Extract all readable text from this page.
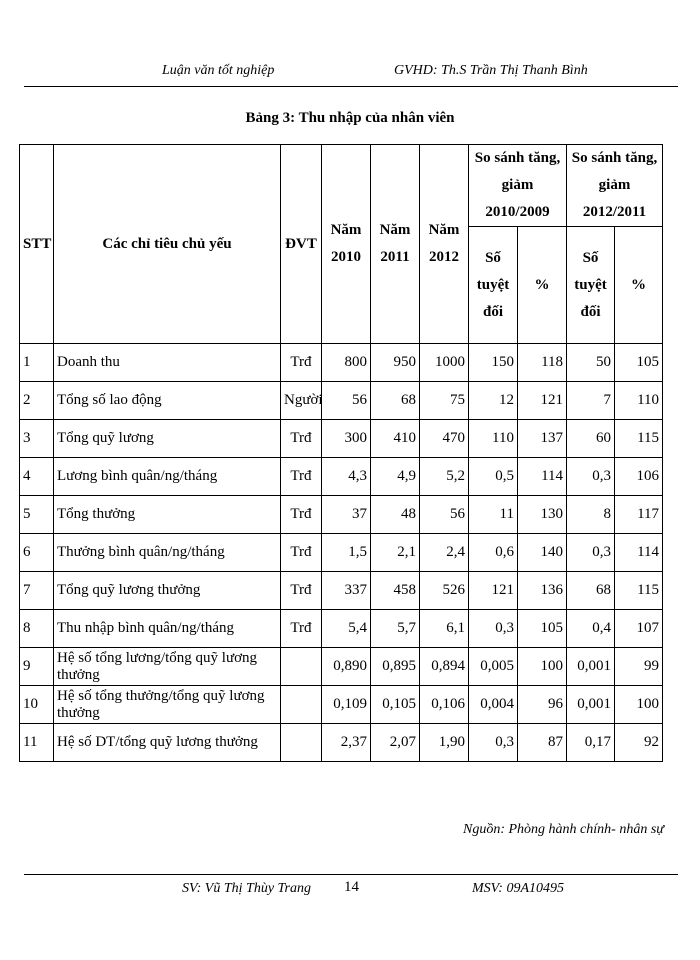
Luận văn tốt nghiệp	GVHD: Th.S Trần Thị Thanh Bình
Bảng 3: Thu nhập của nhân viên
STT	Các chỉ tiêu chủ yếu	ĐVT	Năm 2010	Năm 2011	Năm 2012	So sánh tăng, giảm 2010/2009		So sánh tăng, giảm 2012/2011	
						Số tuyệt đối	%	Số tuyệt đối	%
1	Doanh thu	Trđ	800	950	1000	150	118	50	105
2	Tổng số lao động	Người	56	68	75	12	121	7	110
3	Tổng quỹ lương	Trđ	300	410	470	110	137	60	115
4	Lương bình quân/ng/tháng	Trđ	4,3	4,9	5,2	0,5	114	0,3	106
5	Tổng thưởng	Trđ	37	48	56	11	130	8	117
6	Thưởng bình quân/ng/tháng	Trđ	1,5	2,1	2,4	0,6	140	0,3	114
7	Tổng quỹ lương thưởng	Trđ	337	458	526	121	136	68	115
8	Thu nhập bình quân/ng/tháng	Trđ	5,4	5,7	6,1	0,3	105	0,4	107
9	Hệ số tổng lương/tổng quỹ lương thưởng		0,890	0,895	0,894	0,005	100	0,001	99
10	Hệ số tổng thưởng/tổng quỹ lương thưởng		0,109	0,105	0,106	0,004	96	0,001	100
11	Hệ số DT/tổng quỹ lương thưởng		2,37	2,07	1,90	0,3	87	0,17	92
Nguồn: Phòng hành chính- nhân sự
SV: Vũ Thị Thùy Trang 14	MSV: 09A10495
